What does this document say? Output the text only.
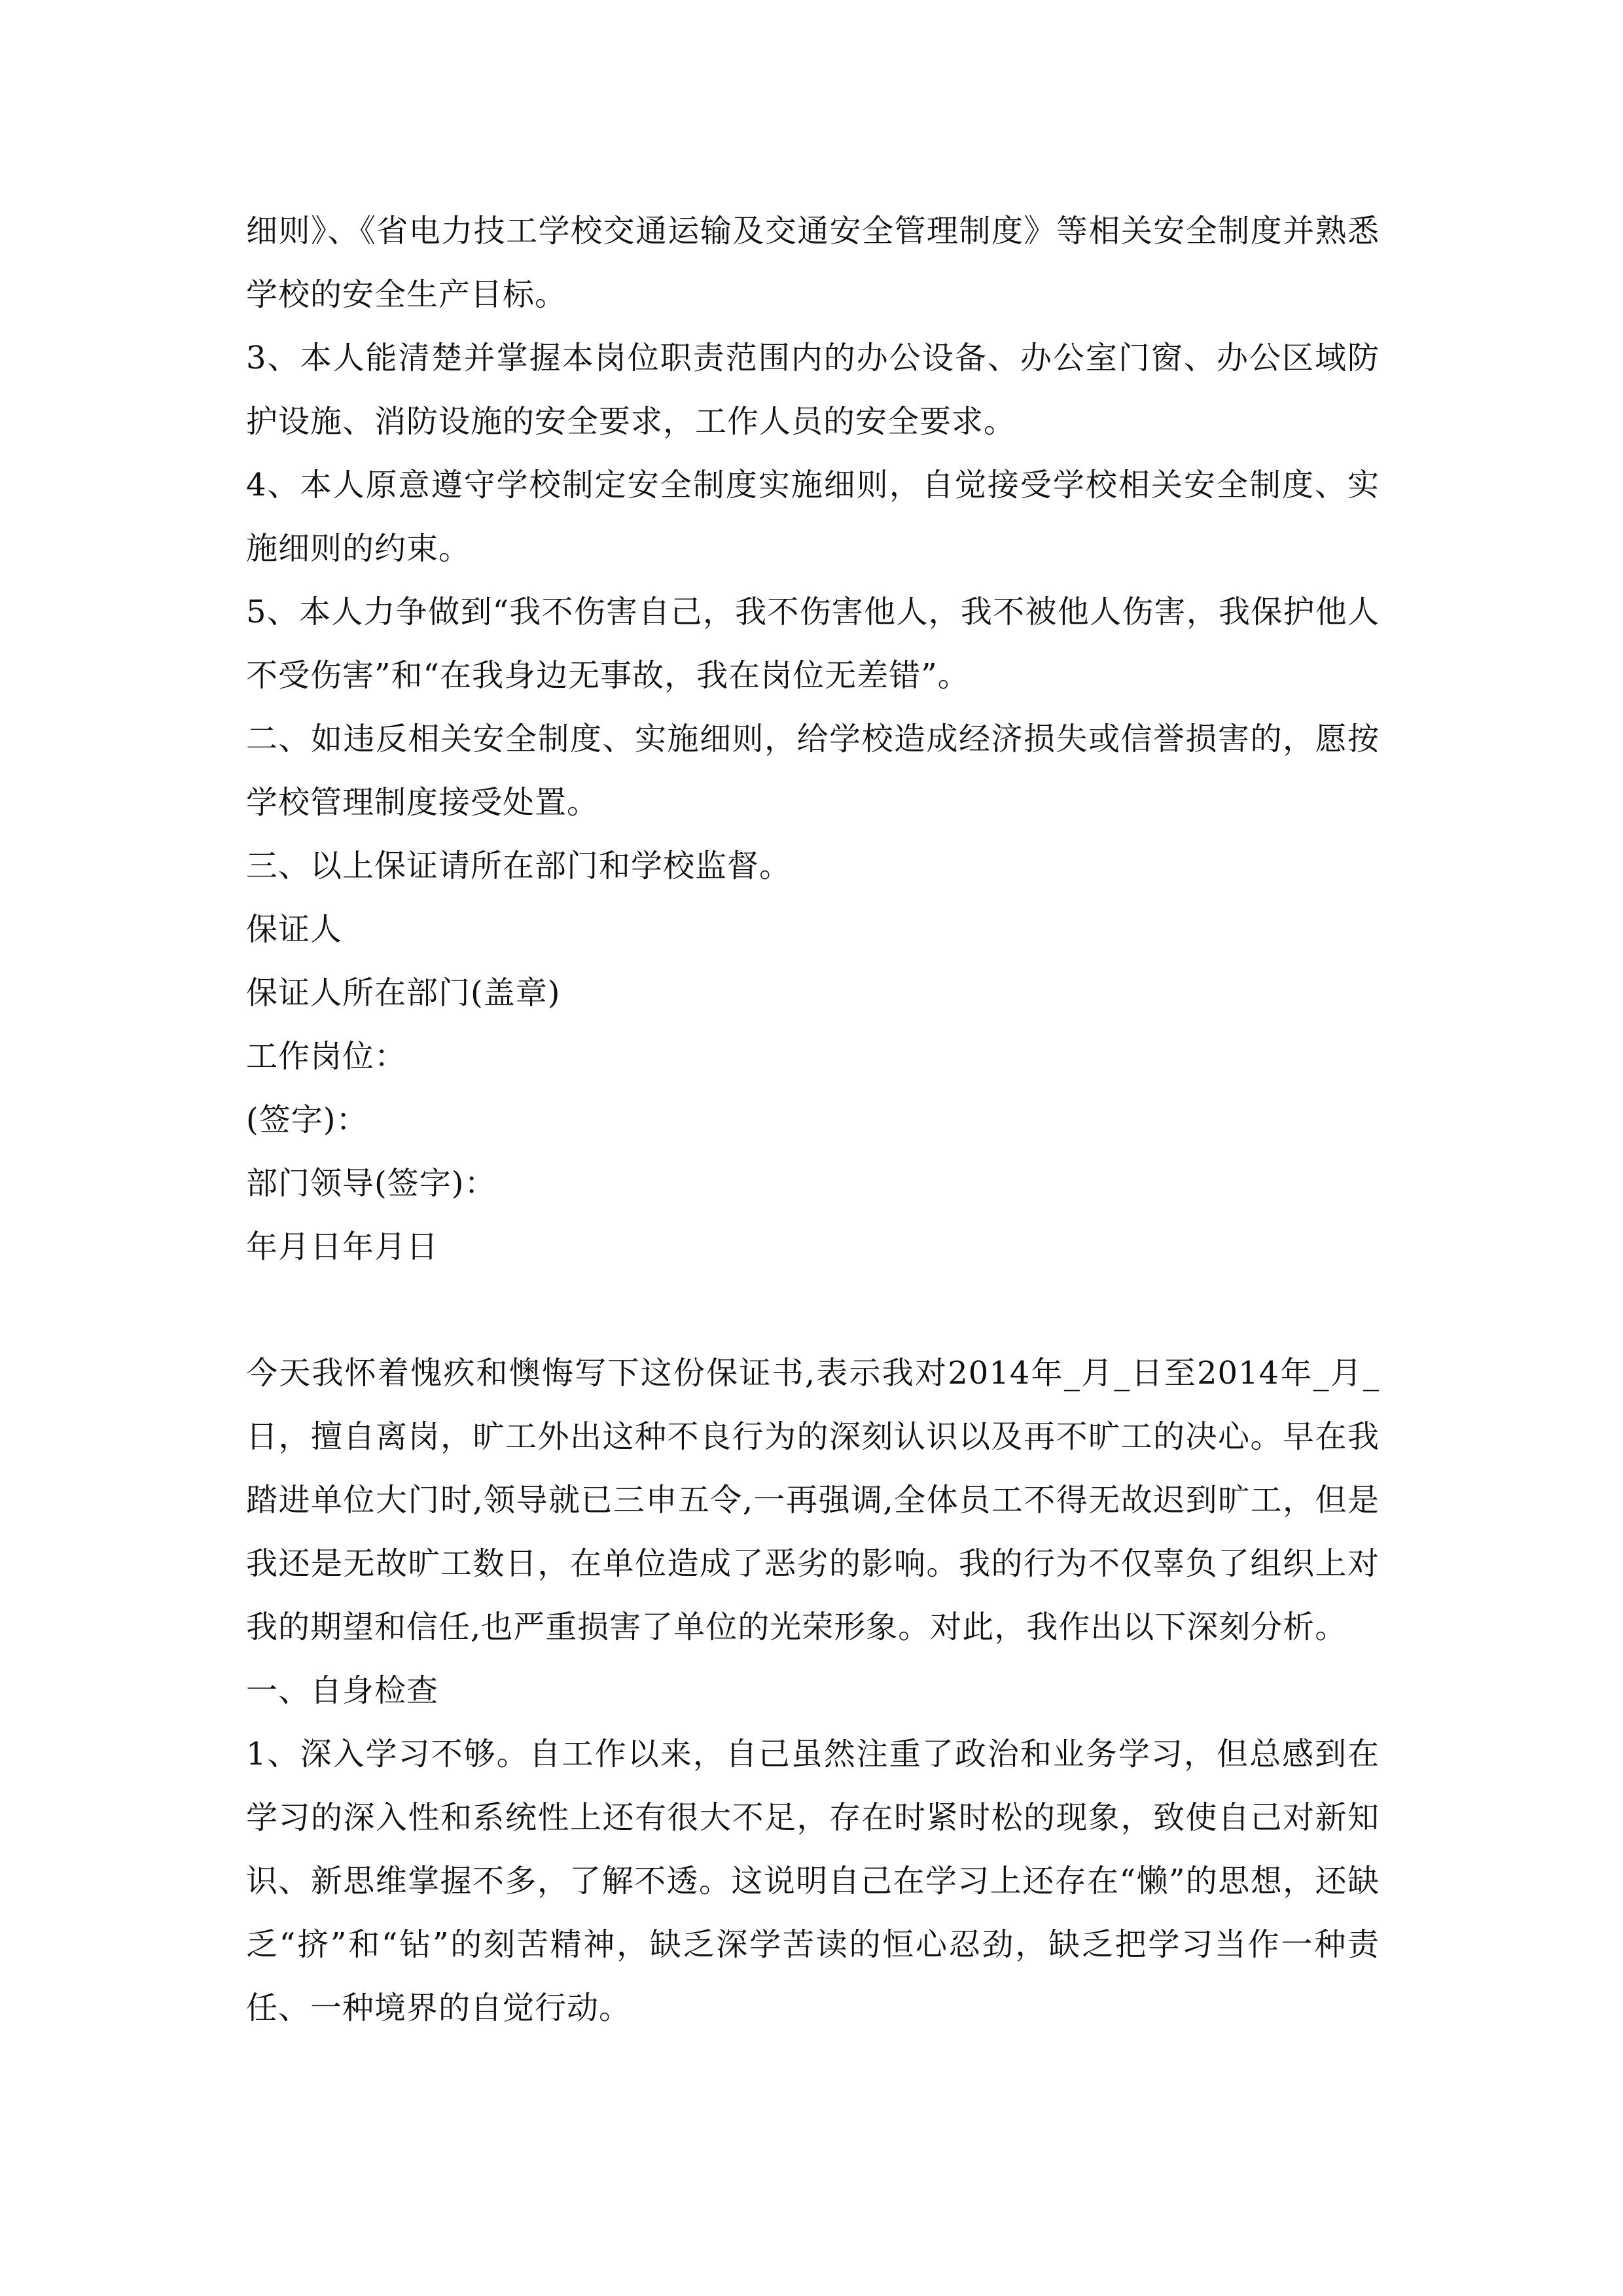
细则》、《省电力技工学校交通运输及交通安全管理制度》等相关安全制度并熟悉学校的安全生产目标。

3、本人能清楚并掌握本岗位职责范围内的办公设备、办公室门窗、办公区域防护设施、消防设施的安全要求，工作人员的安全要求。

4、本人原意遵守学校制定安全制度实施细则，自觉接受学校相关安全制度、实施细则的约束。

5、本人力争做到“我不伤害自己，我不伤害他人，我不被他人伤害，我保护他人不受伤害”和“在我身边无事故，我在岗位无差错”。

二、如违反相关安全制度、实施细则，给学校造成经济损失或信誉损害的，愿按学校管理制度接受处置。

三、以上保证请所在部门和学校监督。

保证人

保证人所在部门(盖章)

工作岗位：

(签字)：

部门领导(签字)：

年月日年月日

今天我怀着愧疚和懊悔写下这份保证书,表示我对2014年_月_日至2014年_月_日，擅自离岗，旷工外出这种不良行为的深刻认识以及再不旷工的决心。早在我踏进单位大门时,领导就已三申五令,一再强调,全体员工不得无故迟到旷工，但是我还是无故旷工数日，在单位造成了恶劣的影响。我的行为不仅辜负了组织上对我的期望和信任,也严重损害了单位的光荣形象。对此，我作出以下深刻分析。

一、自身检查

1、深入学习不够。自工作以来，自己虽然注重了政治和业务学习，但总感到在学习的深入性和系统性上还有很大不足，存在时紧时松的现象，致使自己对新知识、新思维掌握不多，了解不透。这说明自己在学习上还存在“懒”的思想，还缺乏“挤”和“钻”的刻苦精神，缺乏深学苦读的恒心忍劲，缺乏把学习当作一种责任、一种境界的自觉行动。
